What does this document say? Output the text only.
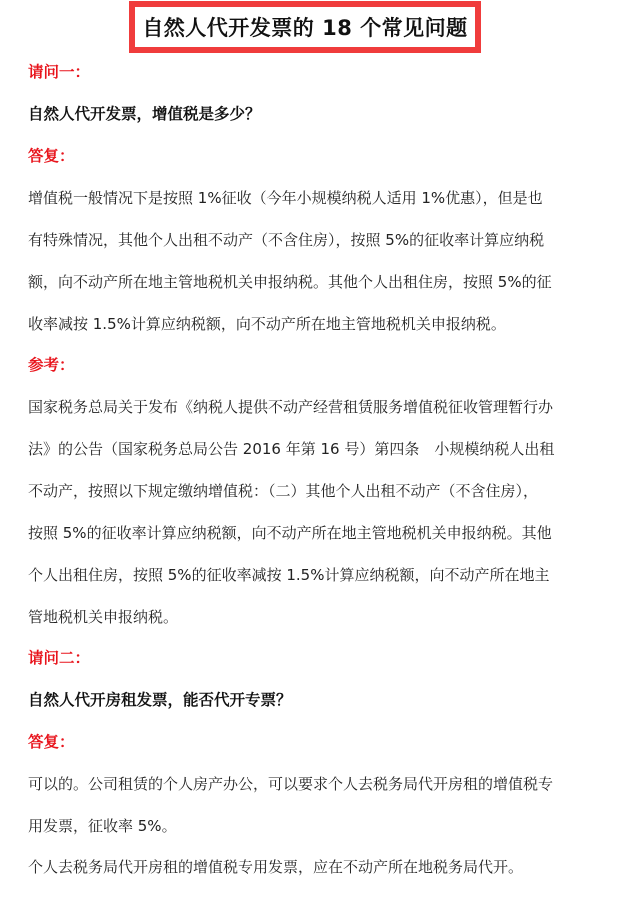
自然人代开发票的 18 个常见问题

请问一：

自然人代开发票，增值税是多少？

答复：

增值税一般情况下是按照 1%征收（今年小规模纳税人适用 1%优惠），但是也
有特殊情况，其他个人出租不动产（不含住房），按照 5%的征收率计算应纳税
额，向不动产所在地主管地税机关申报纳税。其他个人出租住房，按照 5%的征
收率减按 1.5%计算应纳税额，向不动产所在地主管地税机关申报纳税。

参考：

国家税务总局关于发布《纳税人提供不动产经营租赁服务增值税征收管理暂行办
法》的公告（国家税务总局公告 2016 年第 16 号）第四条　小规模纳税人出租
不动产，按照以下规定缴纳增值税：（二）其他个人出租不动产（不含住房），
按照 5%的征收率计算应纳税额，向不动产所在地主管地税机关申报纳税。其他
个人出租住房，按照 5%的征收率减按 1.5%计算应纳税额，向不动产所在地主
管地税机关申报纳税。

请问二：

自然人代开房租发票，能否代开专票？

答复：

可以的。公司租赁的个人房产办公，可以要求个人去税务局代开房租的增值税专
用发票，征收率 5%。
个人去税务局代开房租的增值税专用发票，应在不动产所在地税务局代开。
